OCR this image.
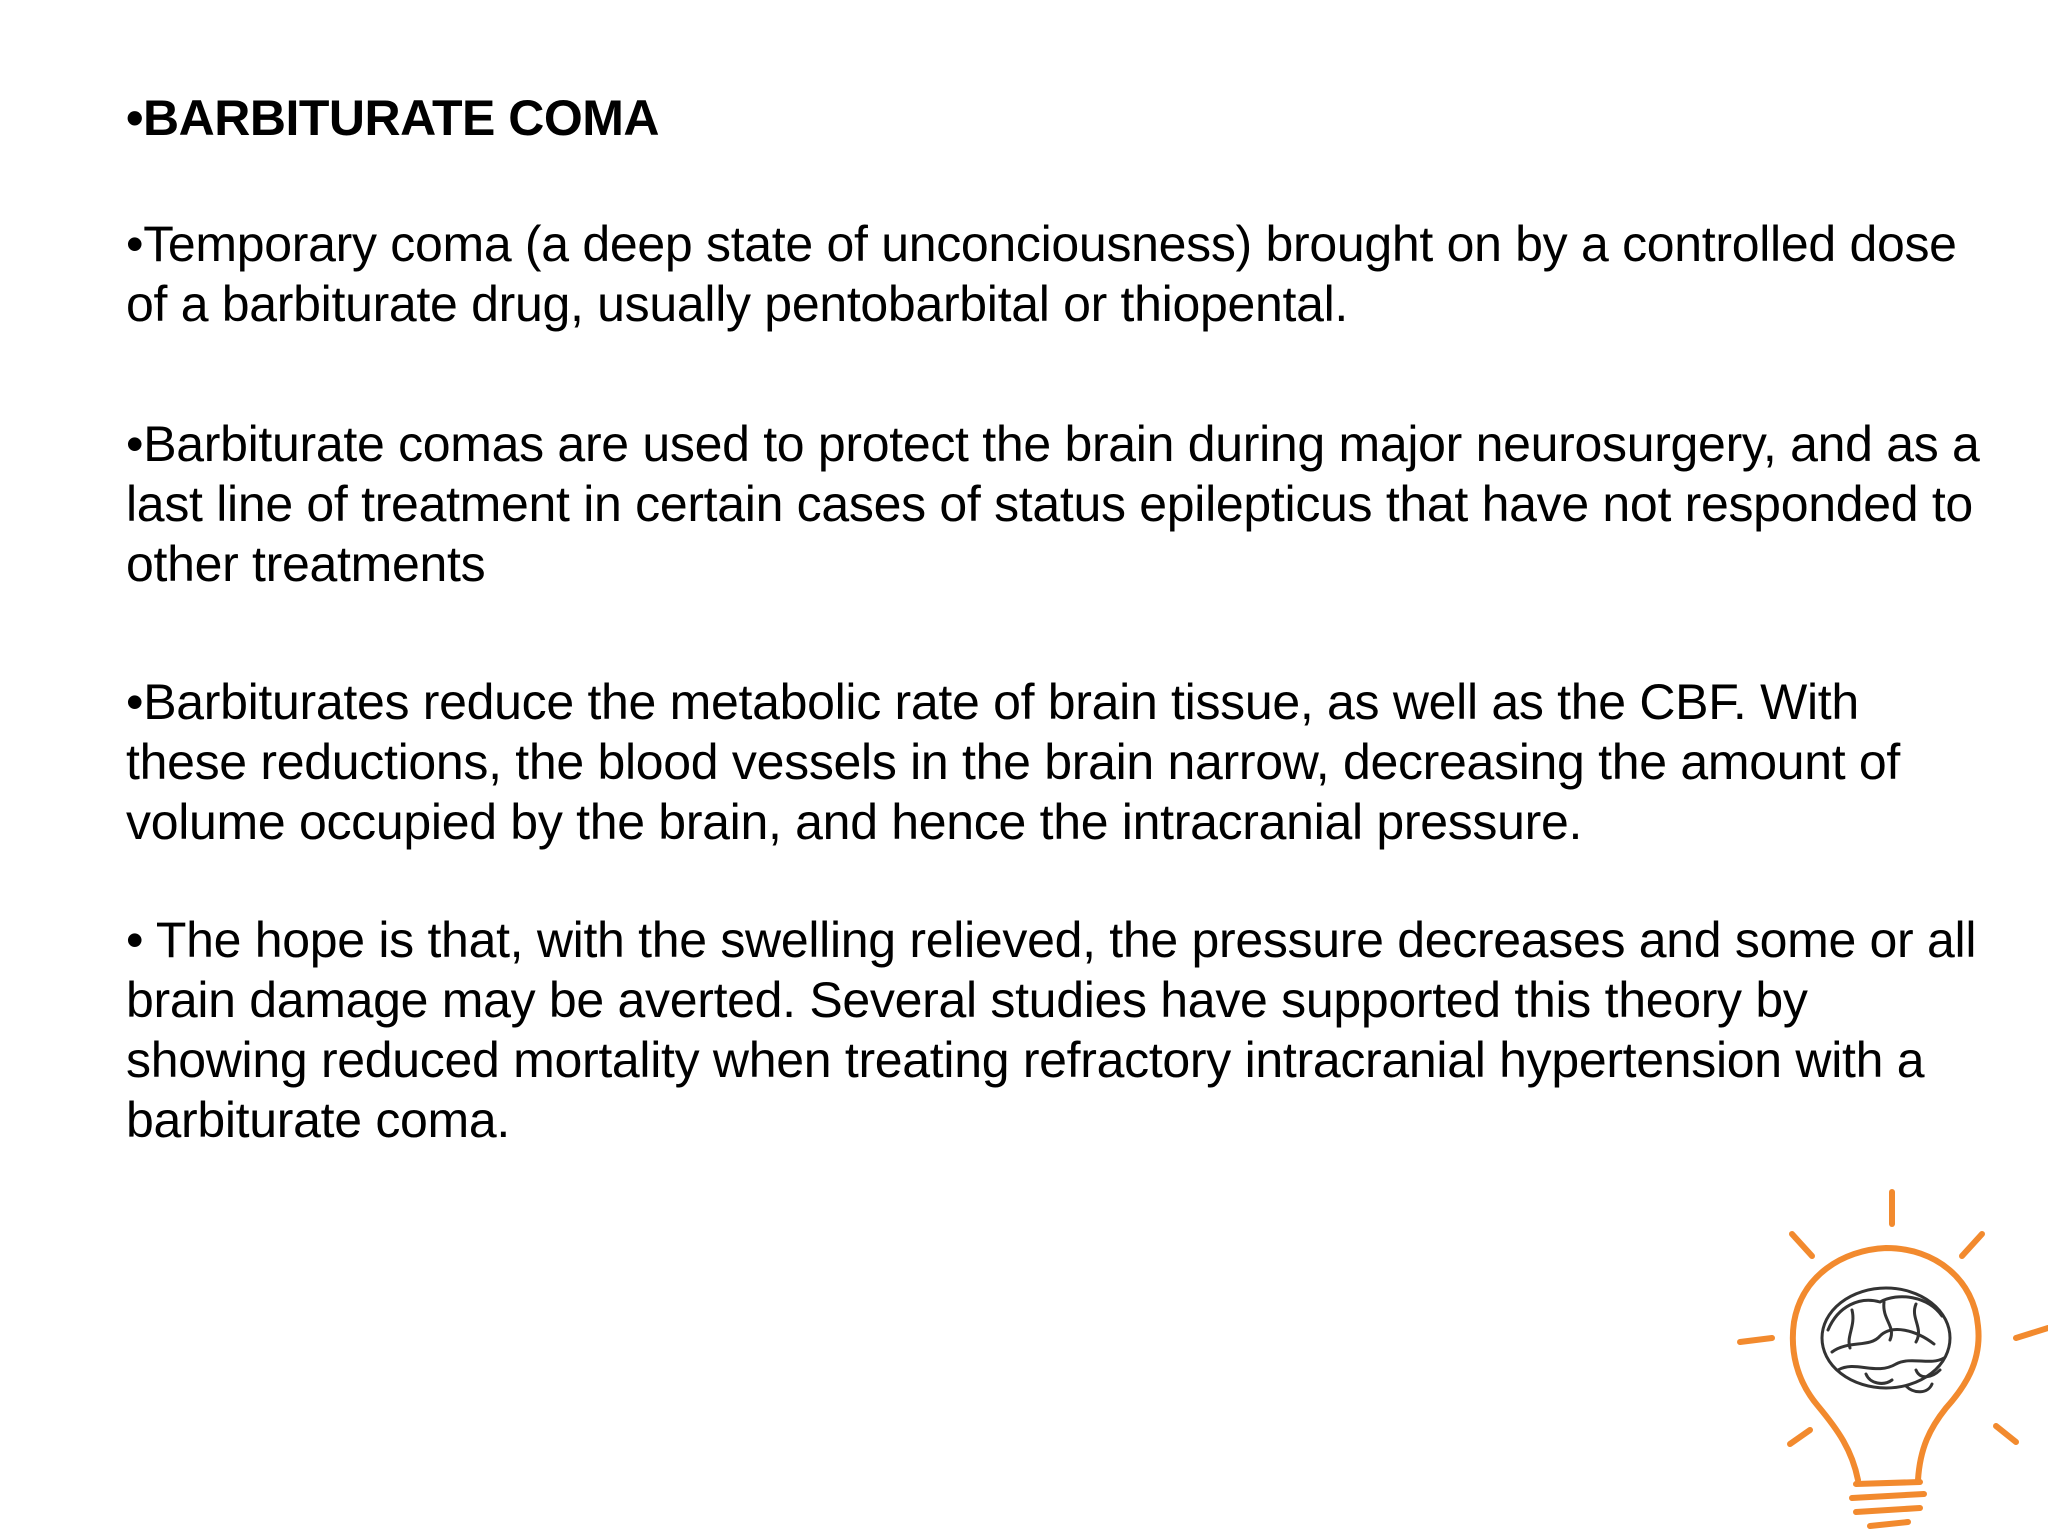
•BARBITURATE COMA

•Temporary coma (a deep state of unconciousness) brought on by a controlled dose of a barbiturate drug, usually pentobarbital or thiopental.

•Barbiturate comas are used to protect the brain during major neurosurgery, and as a last line of treatment in certain cases of status epilepticus that have not responded to other treatments

•Barbiturates reduce the metabolic rate of brain tissue, as well as the CBF. With these reductions, the blood vessels in the brain narrow, decreasing the amount of volume occupied by the brain, and hence the intracranial pressure.

• The hope is that, with the swelling relieved, the pressure decreases and some or all brain damage may be averted. Several studies have supported this theory by showing reduced mortality when treating refractory intracranial hypertension with a barbiturate coma.
